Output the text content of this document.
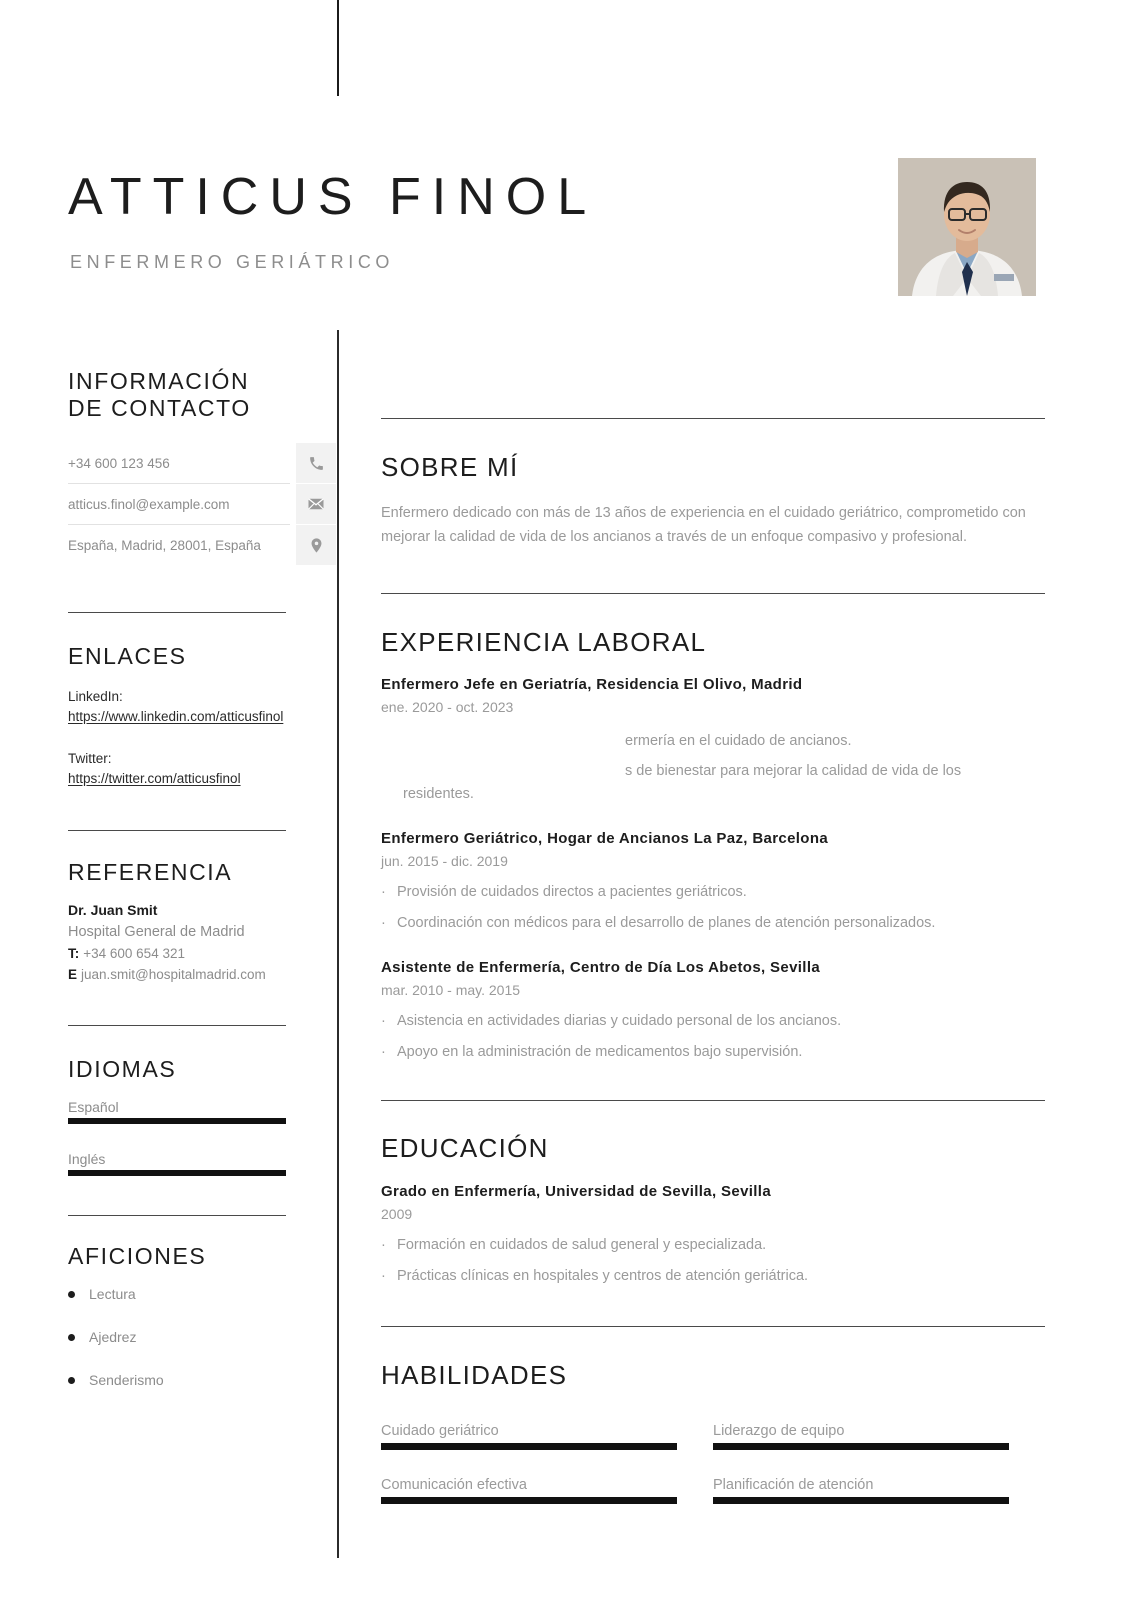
ATTICUS FINOL
ENFERMERO GERIÁTRICO
INFORMACIÓN
DE CONTACTO
+34 600 123 456
atticus.finol@example.com
España, Madrid, 28001, España
ENLACES
LinkedIn:
https://www.linkedin.com/atticusfinol
Twitter:
https://twitter.com/atticusfinol
REFERENCIA
Dr. Juan Smit
Hospital General de Madrid
T: +34 600 654 321
E juan.smit@hospitalmadrid.com
IDIOMAS
Español
Inglés
AFICIONES
Lectura
Ajedrez
Senderismo
SOBRE MÍ
Enfermero dedicado con más de 13 años de experiencia en el cuidado geriátrico, comprometido con mejorar la calidad de vida de los ancianos a través de un enfoque compasivo y profesional.
EXPERIENCIA LABORAL
Enfermero Jefe en Geriatría, Residencia El Olivo, Madrid
ene. 2020 - oct. 2023
ermería en el cuidado de ancianos.
s de bienestar para mejorar la calidad de vida de los
residentes.
Enfermero Geriátrico, Hogar de Ancianos La Paz, Barcelona
jun. 2015 - dic. 2019
· Provisión de cuidados directos a pacientes geriátricos.
· Coordinación con médicos para el desarrollo de planes de atención personalizados.
Asistente de Enfermería, Centro de Día Los Abetos, Sevilla
mar. 2010 - may. 2015
· Asistencia en actividades diarias y cuidado personal de los ancianos.
· Apoyo en la administración de medicamentos bajo supervisión.
EDUCACIÓN
Grado en Enfermería, Universidad de Sevilla, Sevilla
2009
· Formación en cuidados de salud general y especializada.
· Prácticas clínicas en hospitales y centros de atención geriátrica.
HABILIDADES
Cuidado geriátrico	Liderazgo de equipo
Comunicación efectiva	Planificación de atención
